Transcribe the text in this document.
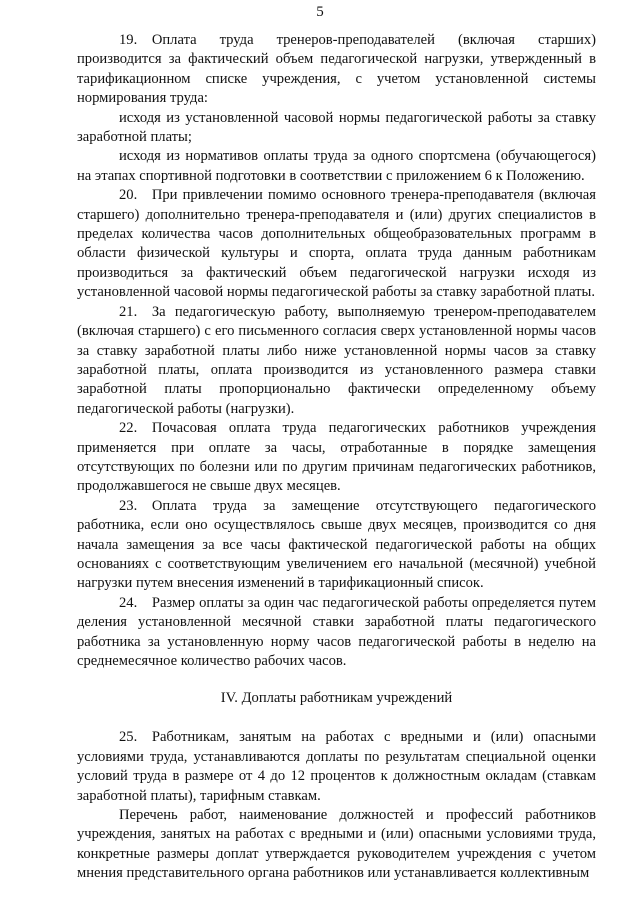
5

19. Оплата труда тренеров-преподавателей (включая старших) производится за фактический объем педагогической нагрузки, утвержденный в тарификационном списке учреждения, с учетом установленной системы нормирования труда:

исходя из установленной часовой нормы педагогической работы за ставку заработной платы;

исходя из нормативов оплаты труда за одного спортсмена (обучающегося) на этапах спортивной подготовки в соответствии с приложением 6 к Положению.

20. При привлечении помимо основного тренера-преподавателя (включая старшего) дополнительно тренера-преподавателя и (или) других специалистов в пределах количества часов дополнительных общеобразовательных программ в области физической культуры и спорта, оплата труда данным работникам производиться за фактический объем педагогической нагрузки исходя из установленной часовой нормы педагогической работы за ставку заработной платы.

21. За педагогическую работу, выполняемую тренером-преподавателем (включая старшего) с его письменного согласия сверх установленной нормы часов за ставку заработной платы либо ниже установленной нормы часов за ставку заработной платы, оплата производится из установленного размера ставки заработной платы пропорционально фактически определенному объему педагогической работы (нагрузки).

22. Почасовая оплата труда педагогических работников учреждения применяется при оплате за часы, отработанные в порядке замещения отсутствующих по болезни или по другим причинам педагогических работников, продолжавшегося не свыше двух месяцев.

23. Оплата труда за замещение отсутствующего педагогического работника, если оно осуществлялось свыше двух месяцев, производится со дня начала замещения за все часы фактической педагогической работы на общих основаниях с соответствующим увеличением его начальной (месячной) учебной нагрузки путем внесения изменений в тарификационный список.

24. Размер оплаты за один час педагогической работы определяется путем деления установленной месячной ставки заработной платы педагогического работника за установленную норму часов педагогической работы в неделю на среднемесячное количество рабочих часов.

IV. Доплаты работникам учреждений

25. Работникам, занятым на работах с вредными и (или) опасными условиями труда, устанавливаются доплаты по результатам специальной оценки условий труда в размере от 4 до 12 процентов к должностным окладам (ставкам заработной платы), тарифным ставкам.

Перечень работ, наименование должностей и профессий работников учреждения, занятых на работах с вредными и (или) опасными условиями труда, конкретные размеры доплат утверждается руководителем учреждения с учетом мнения представительного органа работников или устанавливается коллективным
